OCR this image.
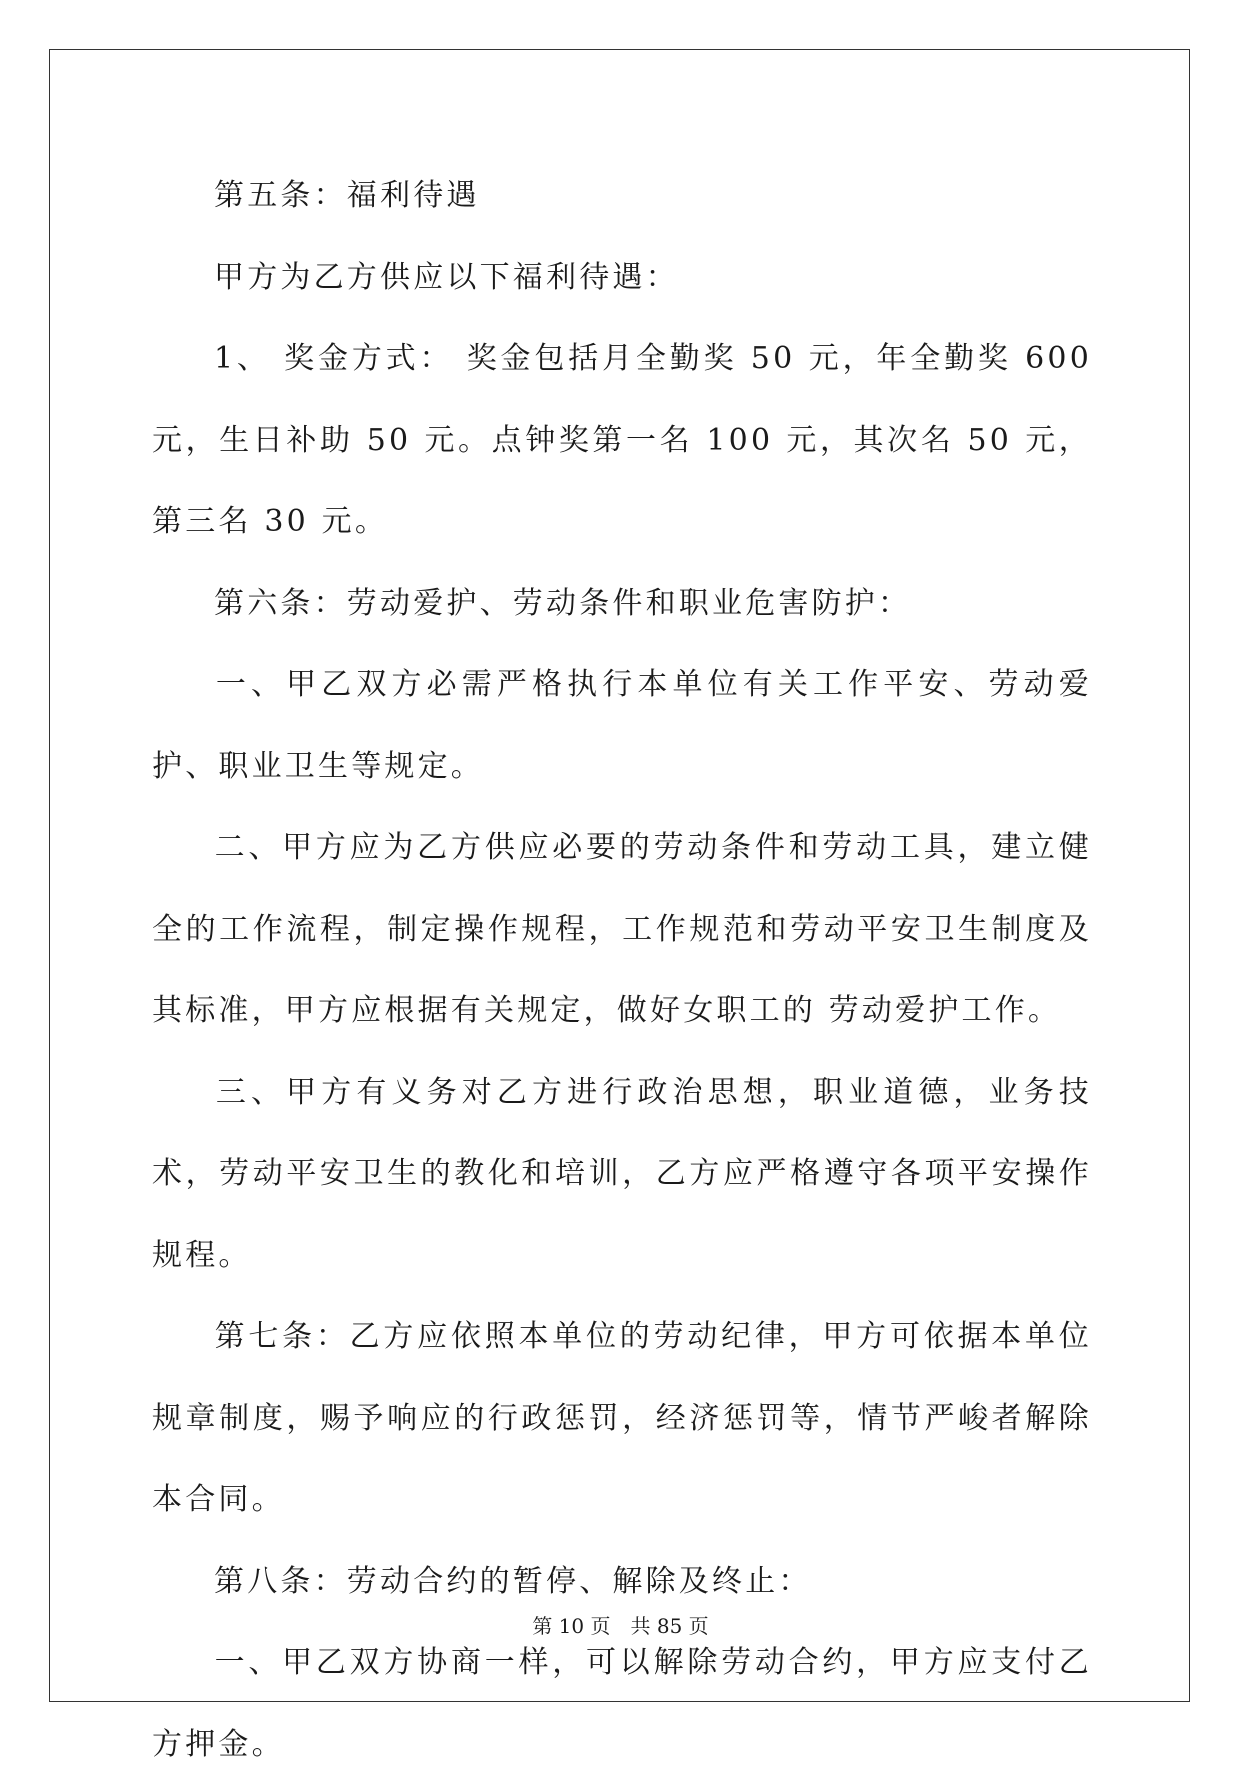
第五条：福利待遇

甲方为乙方供应以下福利待遇：

1、 奖金方式： 奖金包括月全勤奖 50 元，年全勤奖 600 元，生日补助 50 元。点钟奖第一名 100 元，其次名 50 元，第三名 30 元。

第六条：劳动爱护、劳动条件和职业危害防护：

一、甲乙双方必需严格执行本单位有关工作平安、劳动爱护、职业卫生等规定。

二、甲方应为乙方供应必要的劳动条件和劳动工具，建立健全的工作流程，制定操作规程，工作规范和劳动平安卫生制度及其标准，甲方应根据有关规定，做好女职工的 劳动爱护工作。

三、甲方有义务对乙方进行政治思想，职业道德，业务技术，劳动平安卫生的教化和培训，乙方应严格遵守各项平安操作规程。

第七条：乙方应依照本单位的劳动纪律，甲方可依据本单位规章制度，赐予响应的行政惩罚，经济惩罚等，情节严峻者解除本合同。

第八条：劳动合约的暂停、解除及终止：

一、甲乙双方协商一样，可以解除劳动合约，甲方应支付乙方押金。

第 10 页 共 85 页
